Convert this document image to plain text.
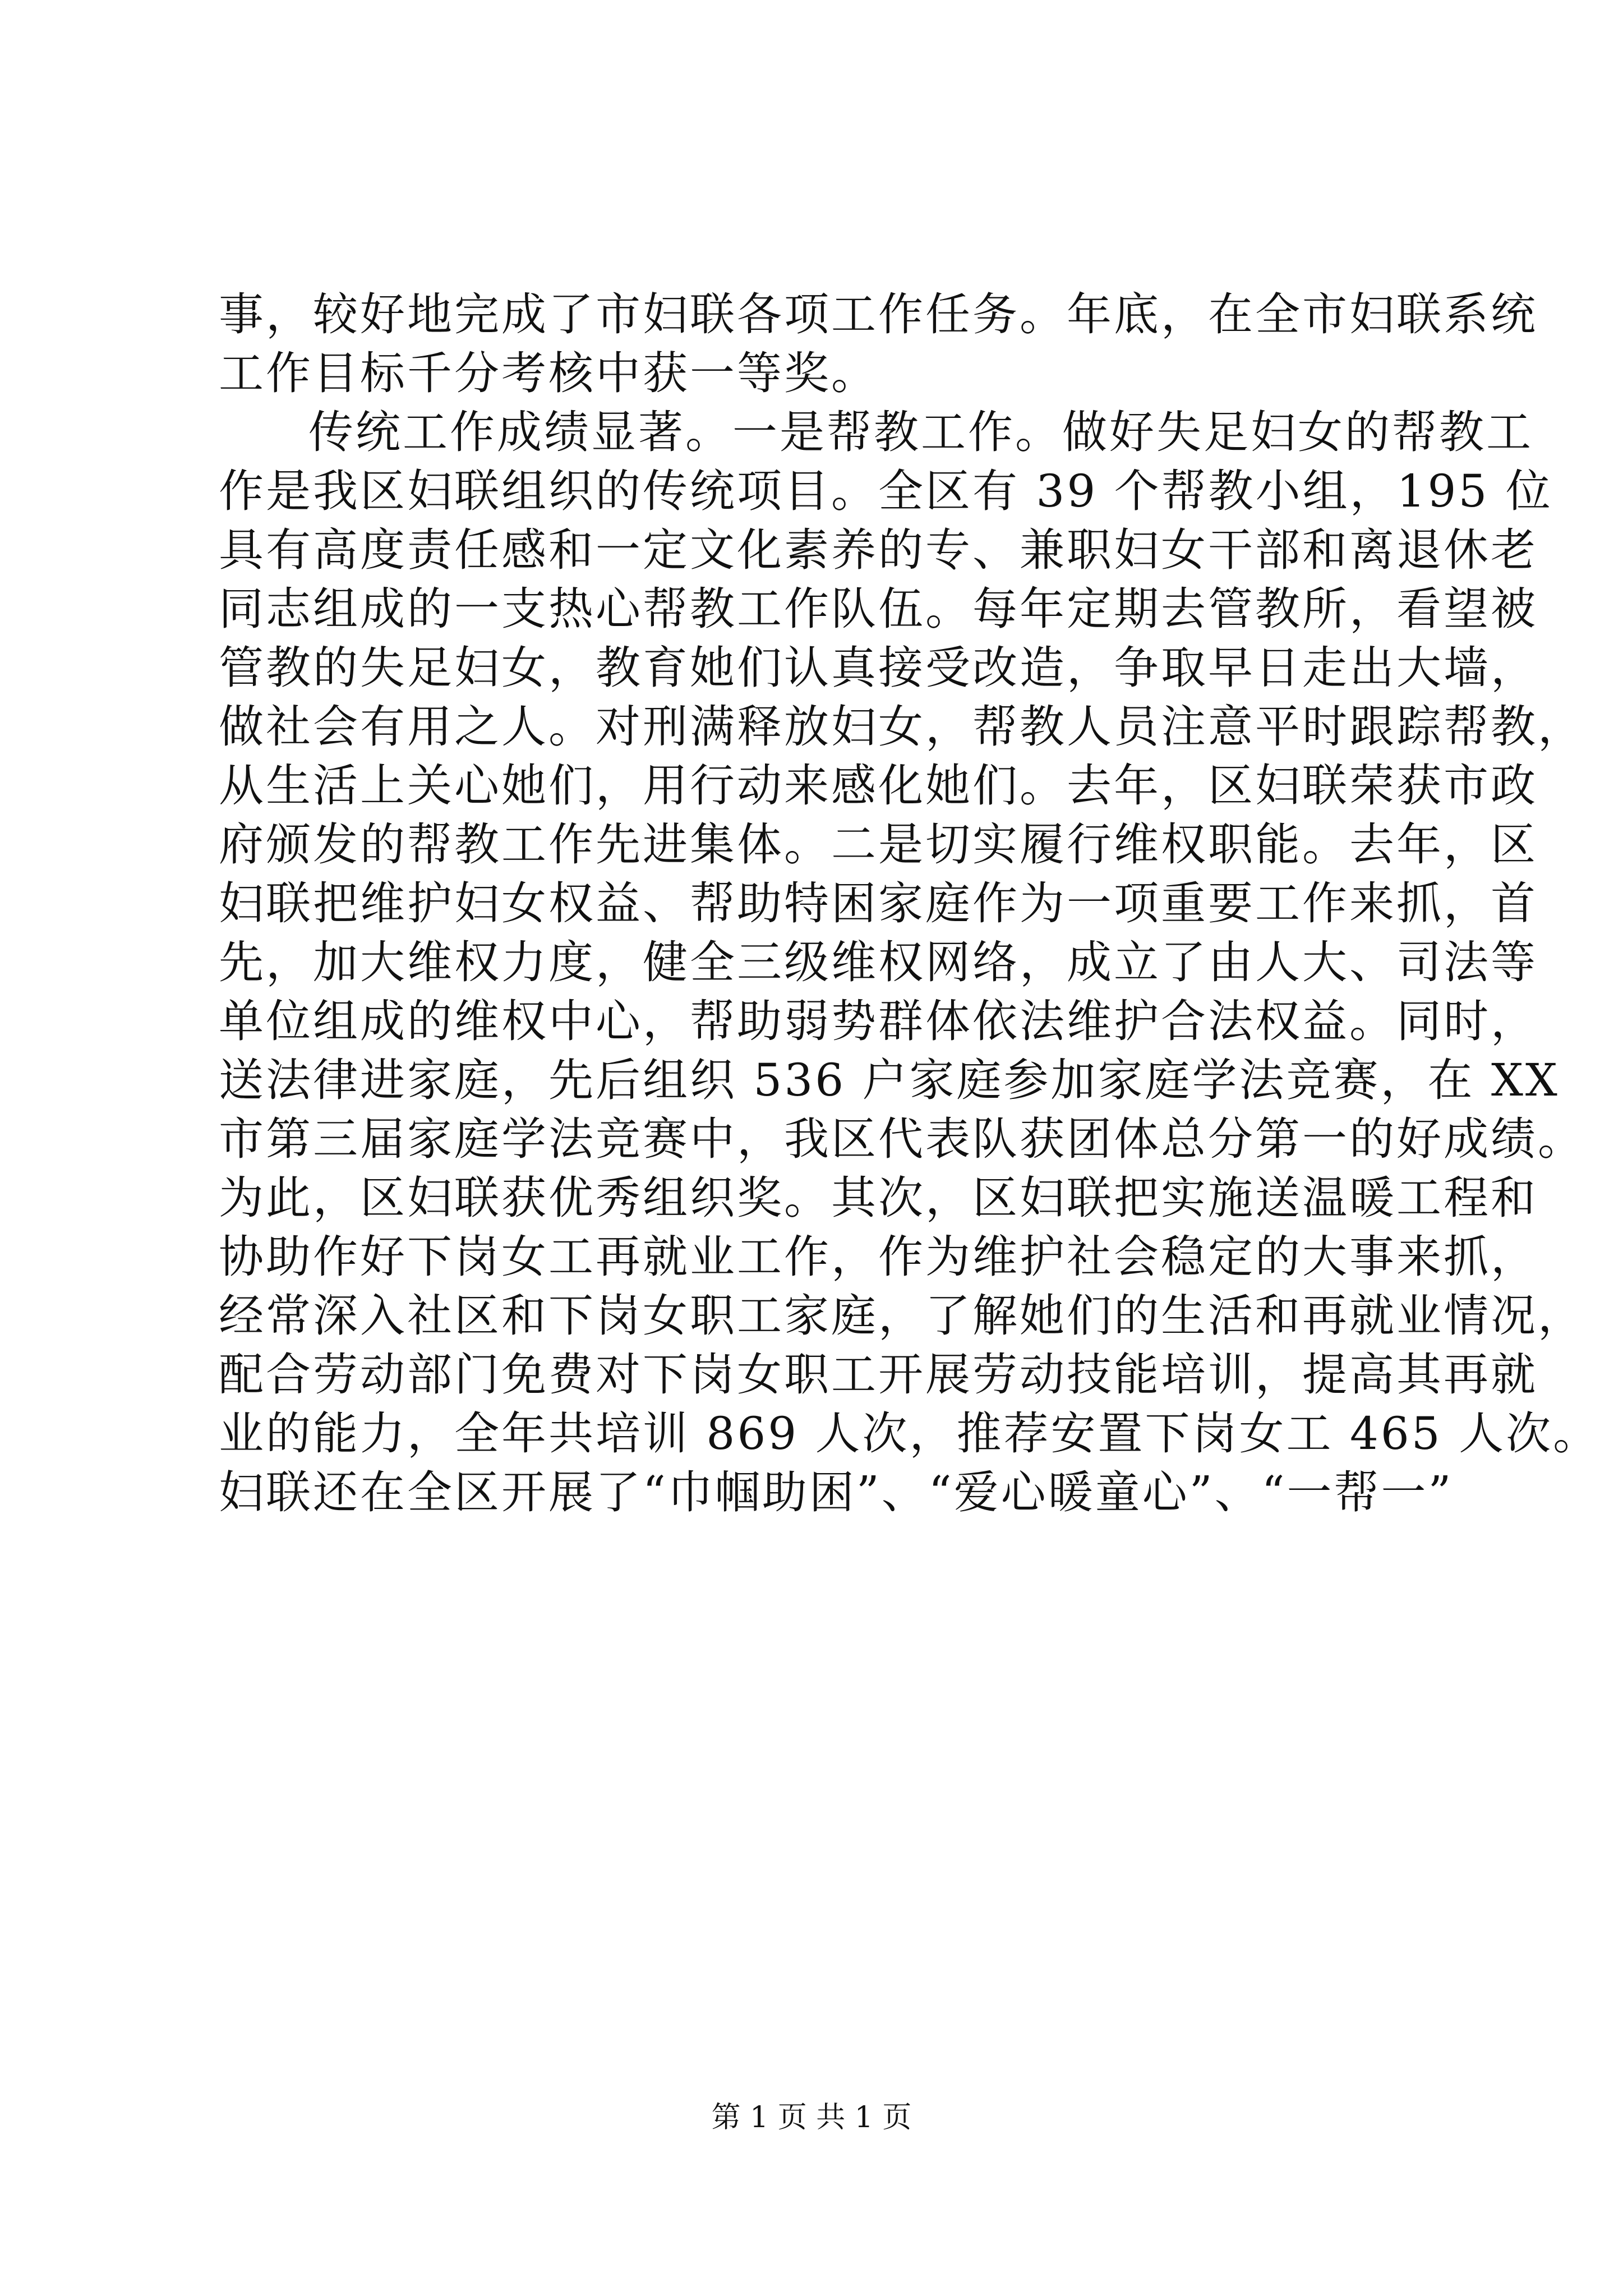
事，较好地完成了市妇联各项工作任务。年底，在全市妇联系统
工作目标千分考核中获一等奖。
传统工作成绩显著。一是帮教工作。做好失足妇女的帮教工
作是我区妇联组织的传统项目。全区有 39 个帮教小组，195 位
具有高度责任感和一定文化素养的专、兼职妇女干部和离退休老
同志组成的一支热心帮教工作队伍。每年定期去管教所，看望被
管教的失足妇女，教育她们认真接受改造，争取早日走出大墙，
做社会有用之人。对刑满释放妇女，帮教人员注意平时跟踪帮教，
从生活上关心她们，用行动来感化她们。去年，区妇联荣获市政
府颁发的帮教工作先进集体。二是切实履行维权职能。去年，区
妇联把维护妇女权益、帮助特困家庭作为一项重要工作来抓，首
先，加大维权力度，健全三级维权网络，成立了由人大、司法等
单位组成的维权中心，帮助弱势群体依法维护合法权益。同时，
送法律进家庭，先后组织 536 户家庭参加家庭学法竞赛，在 XX
市第三届家庭学法竞赛中，我区代表队获团体总分第一的好成绩。
为此，区妇联获优秀组织奖。其次，区妇联把实施送温暖工程和
协助作好下岗女工再就业工作，作为维护社会稳定的大事来抓，
经常深入社区和下岗女职工家庭，了解她们的生活和再就业情况，
配合劳动部门免费对下岗女职工开展劳动技能培训，提高其再就
业的能力，全年共培训 869 人次，推荐安置下岗女工 465 人次。
妇联还在全区开展了“巾帼助困”、“爱心暖童心”、“一帮一”
第 1 页 共 1 页
